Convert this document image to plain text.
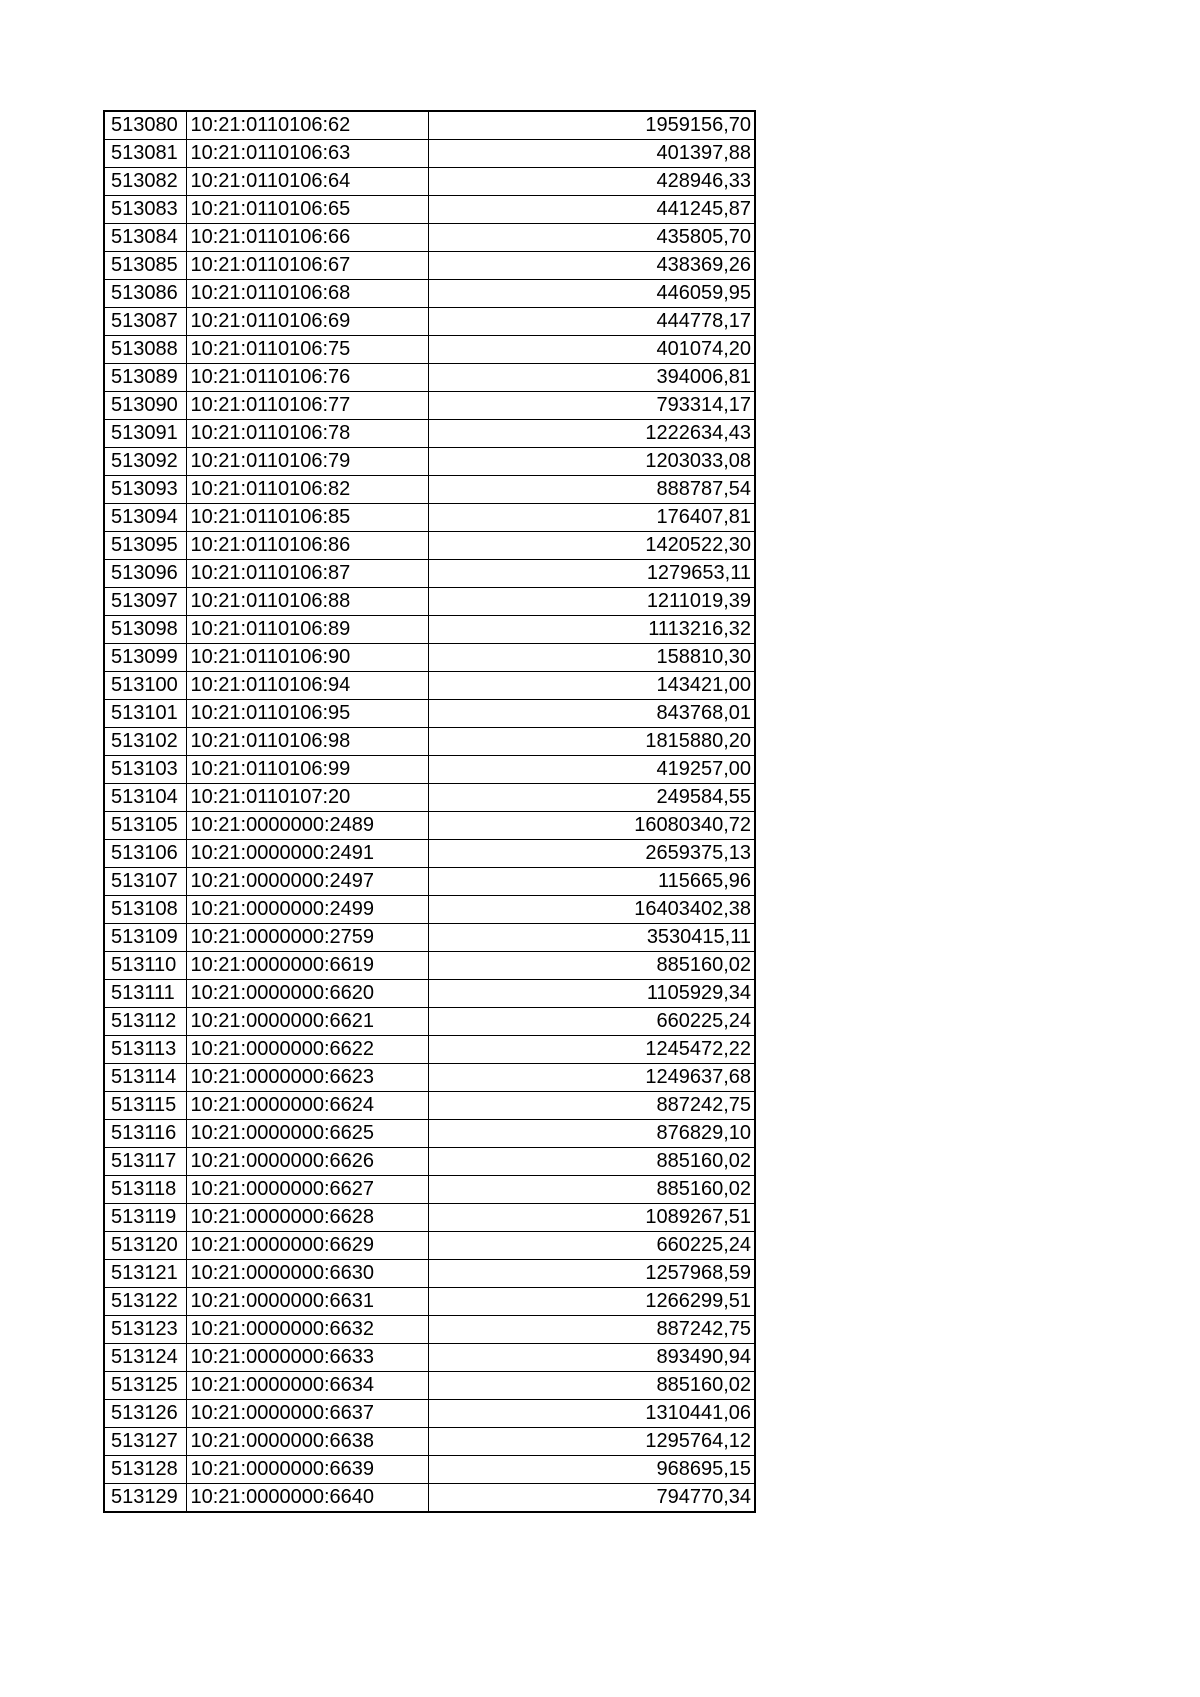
513080	10:21:0110106:62	1959156,70
513081	10:21:0110106:63	401397,88
513082	10:21:0110106:64	428946,33
513083	10:21:0110106:65	441245,87
513084	10:21:0110106:66	435805,70
513085	10:21:0110106:67	438369,26
513086	10:21:0110106:68	446059,95
513087	10:21:0110106:69	444778,17
513088	10:21:0110106:75	401074,20
513089	10:21:0110106:76	394006,81
513090	10:21:0110106:77	793314,17
513091	10:21:0110106:78	1222634,43
513092	10:21:0110106:79	1203033,08
513093	10:21:0110106:82	888787,54
513094	10:21:0110106:85	176407,81
513095	10:21:0110106:86	1420522,30
513096	10:21:0110106:87	1279653,11
513097	10:21:0110106:88	1211019,39
513098	10:21:0110106:89	1113216,32
513099	10:21:0110106:90	158810,30
513100	10:21:0110106:94	143421,00
513101	10:21:0110106:95	843768,01
513102	10:21:0110106:98	1815880,20
513103	10:21:0110106:99	419257,00
513104	10:21:0110107:20	249584,55
513105	10:21:0000000:2489	16080340,72
513106	10:21:0000000:2491	2659375,13
513107	10:21:0000000:2497	115665,96
513108	10:21:0000000:2499	16403402,38
513109	10:21:0000000:2759	3530415,11
513110	10:21:0000000:6619	885160,02
513111	10:21:0000000:6620	1105929,34
513112	10:21:0000000:6621	660225,24
513113	10:21:0000000:6622	1245472,22
513114	10:21:0000000:6623	1249637,68
513115	10:21:0000000:6624	887242,75
513116	10:21:0000000:6625	876829,10
513117	10:21:0000000:6626	885160,02
513118	10:21:0000000:6627	885160,02
513119	10:21:0000000:6628	1089267,51
513120	10:21:0000000:6629	660225,24
513121	10:21:0000000:6630	1257968,59
513122	10:21:0000000:6631	1266299,51
513123	10:21:0000000:6632	887242,75
513124	10:21:0000000:6633	893490,94
513125	10:21:0000000:6634	885160,02
513126	10:21:0000000:6637	1310441,06
513127	10:21:0000000:6638	1295764,12
513128	10:21:0000000:6639	968695,15
513129	10:21:0000000:6640	794770,34
